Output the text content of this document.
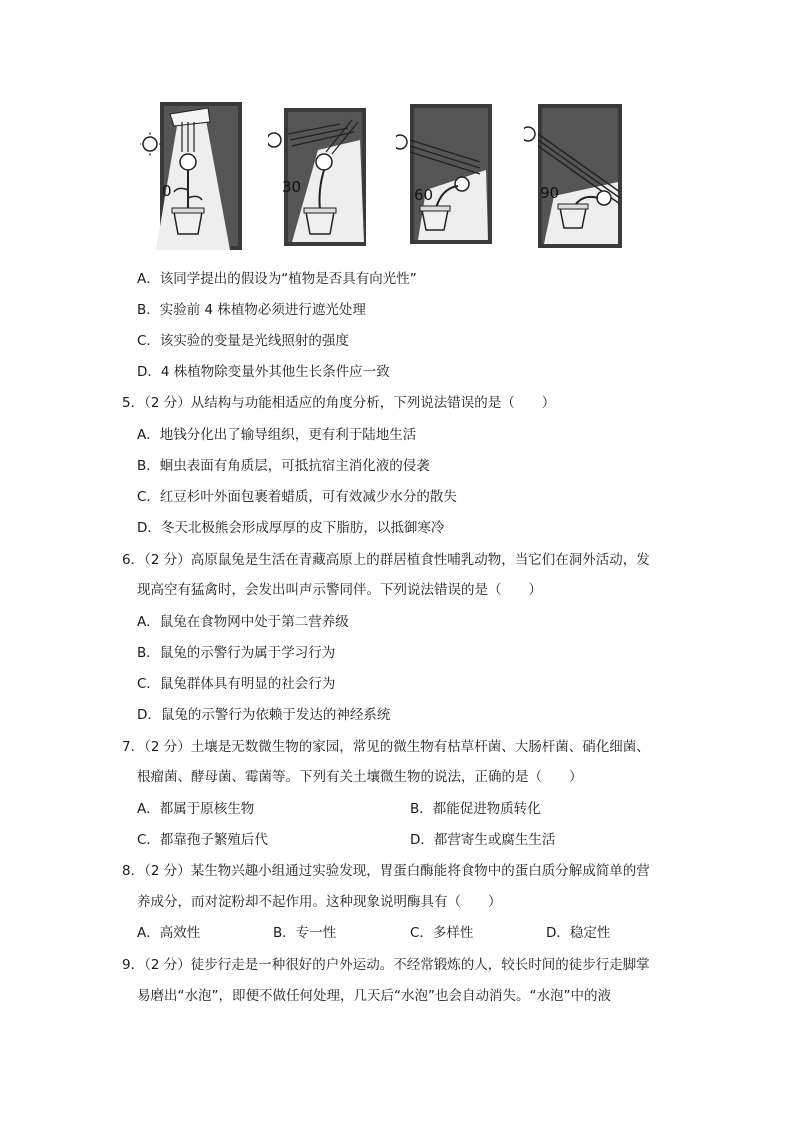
0	30	60	90
A．该同学提出的假设为“植物是否具有向光性”
B．实验前 4 株植物必须进行遮光处理
C．该实验的变量是光线照射的强度
D．4 株植物除变量外其他生长条件应一致
5．（2 分）从结构与功能相适应的角度分析，下列说法错误的是（　　）
A．地钱分化出了输导组织，更有利于陆地生活
B．蛔虫表面有角质层，可抵抗宿主消化液的侵袭
C．红豆杉叶外面包裹着蜡质，可有效减少水分的散失
D．冬天北极熊会形成厚厚的皮下脂肪，以抵御寒冷
6．（2 分）高原鼠兔是生活在青藏高原上的群居植食性哺乳动物，当它们在洞外活动，发
现高空有猛禽时，会发出叫声示警同伴。下列说法错误的是（　　）
A．鼠兔在食物网中处于第二营养级
B．鼠兔的示警行为属于学习行为
C．鼠兔群体具有明显的社会行为
D．鼠兔的示警行为依赖于发达的神经系统
7．（2 分）土壤是无数微生物的家园，常见的微生物有枯草杆菌、大肠杆菌、硝化细菌、
根瘤菌、酵母菌、霉菌等。下列有关土壤微生物的说法，正确的是（　　）
A．都属于原核生物	B．都能促进物质转化
C．都靠孢子繁殖后代	D．都营寄生或腐生生活
8．（2 分）某生物兴趣小组通过实验发现，胃蛋白酶能将食物中的蛋白质分解成简单的营
养成分，而对淀粉却不起作用。这种现象说明酶具有（　　）
A．高效性	B．专一性	C．多样性	D．稳定性
9．（2 分）徒步行走是一种很好的户外运动。不经常锻炼的人，较长时间的徒步行走脚掌
易磨出“水泡”，即便不做任何处理，几天后“水泡”也会自动消失。“水泡”中的液
